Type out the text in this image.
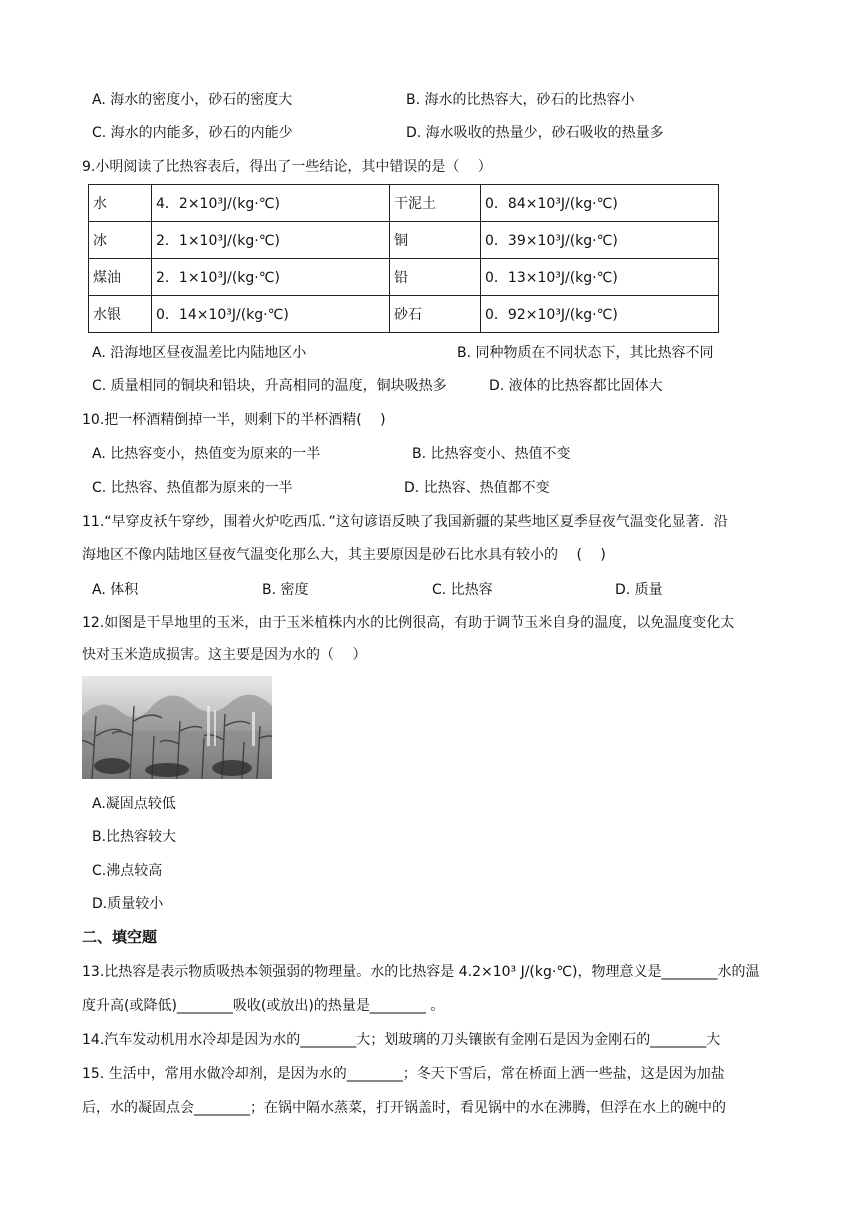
A. 海水的密度小，砂石的密度大	B. 海水的比热容大，砂石的比热容小
C. 海水的内能多，砂石的内能少	D. 海水吸收的热量少，砂石吸收的热量多
9.小明阅读了比热容表后，得出了一些结论，其中错误的是（　 ）
水	4．2×10³J/(kg·℃)	干泥土	0．84×10³J/(kg·℃)
冰	2．1×10³J/(kg·℃)	铜	0．39×10³J/(kg·℃)
煤油	2．1×10³J/(kg·℃)	铅	0．13×10³J/(kg·℃)
水银	0．14×10³J/(kg·℃)	砂石	0．92×10³J/(kg·℃)
A. 沿海地区昼夜温差比内陆地区小	B. 同种物质在不同状态下，其比热容不同
C. 质量相同的铜块和铅块，升高相同的温度，铜块吸热多	D. 液体的比热容都比固体大
10.把一杯酒精倒掉一半，则剩下的半杯酒精(　 )
A. 比热容变小，热值变为原来的一半	B. 比热容变小、热值不变
C. 比热容、热值都为原来的一半	D. 比热容、热值都不变
11.“早穿皮袄午穿纱，围着火炉吃西瓜．”这句谚语反映了我国新疆的某些地区夏季昼夜气温变化显著．沿
海地区不像内陆地区昼夜气温变化那么大，其主要原因是砂石比水具有较小的　 (　 )
A. 体积	B. 密度	C. 比热容	D. 质量
12.如图是干旱地里的玉米，由于玉米植株内水的比例很高，有助于调节玉米自身的温度，以免温度变化太
快对玉米造成损害。这主要是因为水的（　 ）
A.凝固点较低
B.比热容较大
C.沸点较高
D.质量较小
二、填空题
13.比热容是表示物质吸热本领强弱的物理量。水的比热容是 4.2×10³ J/(kg·℃)，物理意义是________水的温
度升高(或降低)________吸收(或放出)的热量是________ 。
14.汽车发动机用水冷却是因为水的________大；划玻璃的刀头镶嵌有金刚石是因为金刚石的________大
15. 生活中，常用水做冷却剂，是因为水的________；冬天下雪后，常在桥面上洒一些盐，这是因为加盐
后，水的凝固点会________；在锅中隔水蒸菜，打开锅盖时，看见锅中的水在沸腾，但浮在水上的碗中的
